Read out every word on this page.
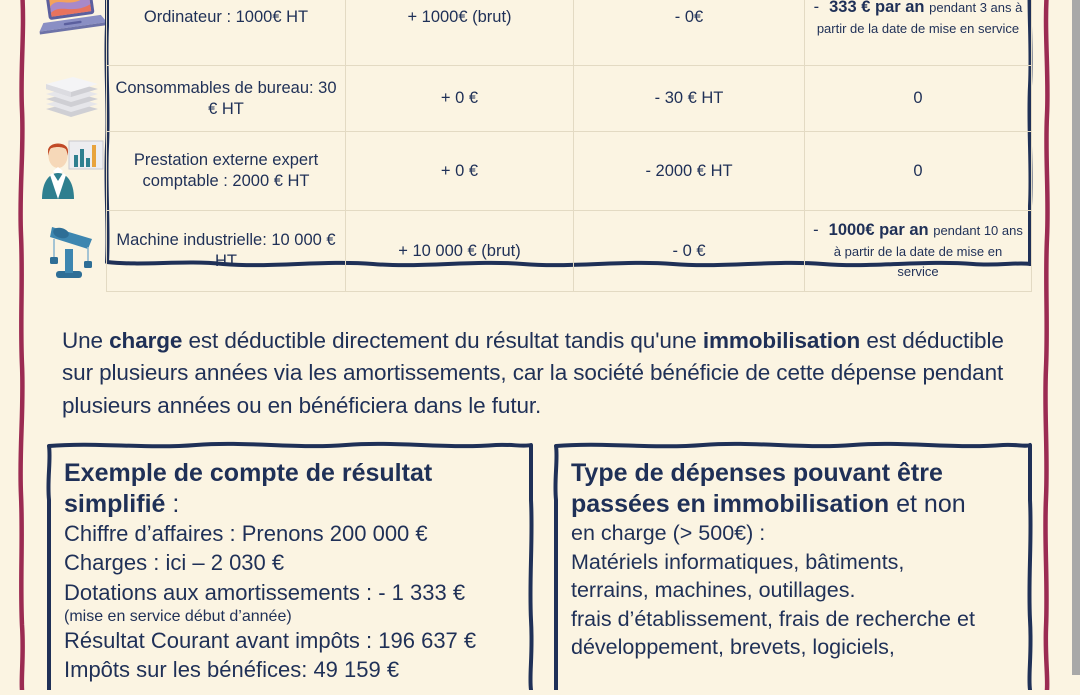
Ordinateur : 1000€ HT	+ 1000€ (brut)	- 0€	- 333 € par an pendant 3 ans à partir de la date de mise en service

Consommables de bureau: 30 € HT	+ 0 €	- 30 € HT	0
Prestation externe expert comptable : 2000 € HT	+ 0 €	- 2000 € HT	0
Machine industrielle: 10 000 € HT	+ 10 000 € (brut)	- 0 €	- 1000€ par an pendant 10 ans à partir de la date de mise en service
Une charge est déductible directement du résultat tandis qu'une immobilisation est déductible sur plusieurs années via les amortissements, car la société bénéficie de cette dépense pendant plusieurs années ou en bénéficiera dans le futur.
Exemple de compte de résultat simplifié :
Chiffre d’affaires : Prenons 200 000 €
Charges : ici – 2 030 €
Dotations aux amortissements : - 1 333 €
(mise en service début d’année)
Résultat Courant avant impôts : 196 637 €
Impôts sur les bénéfices: 49 159 €
Type de dépenses pouvant être passées en immobilisation et non
en charge (> 500€) :
Matériels informatiques, bâtiments,
terrains, machines, outillages.
frais d’établissement, frais de recherche et
développement, brevets, logiciels,
